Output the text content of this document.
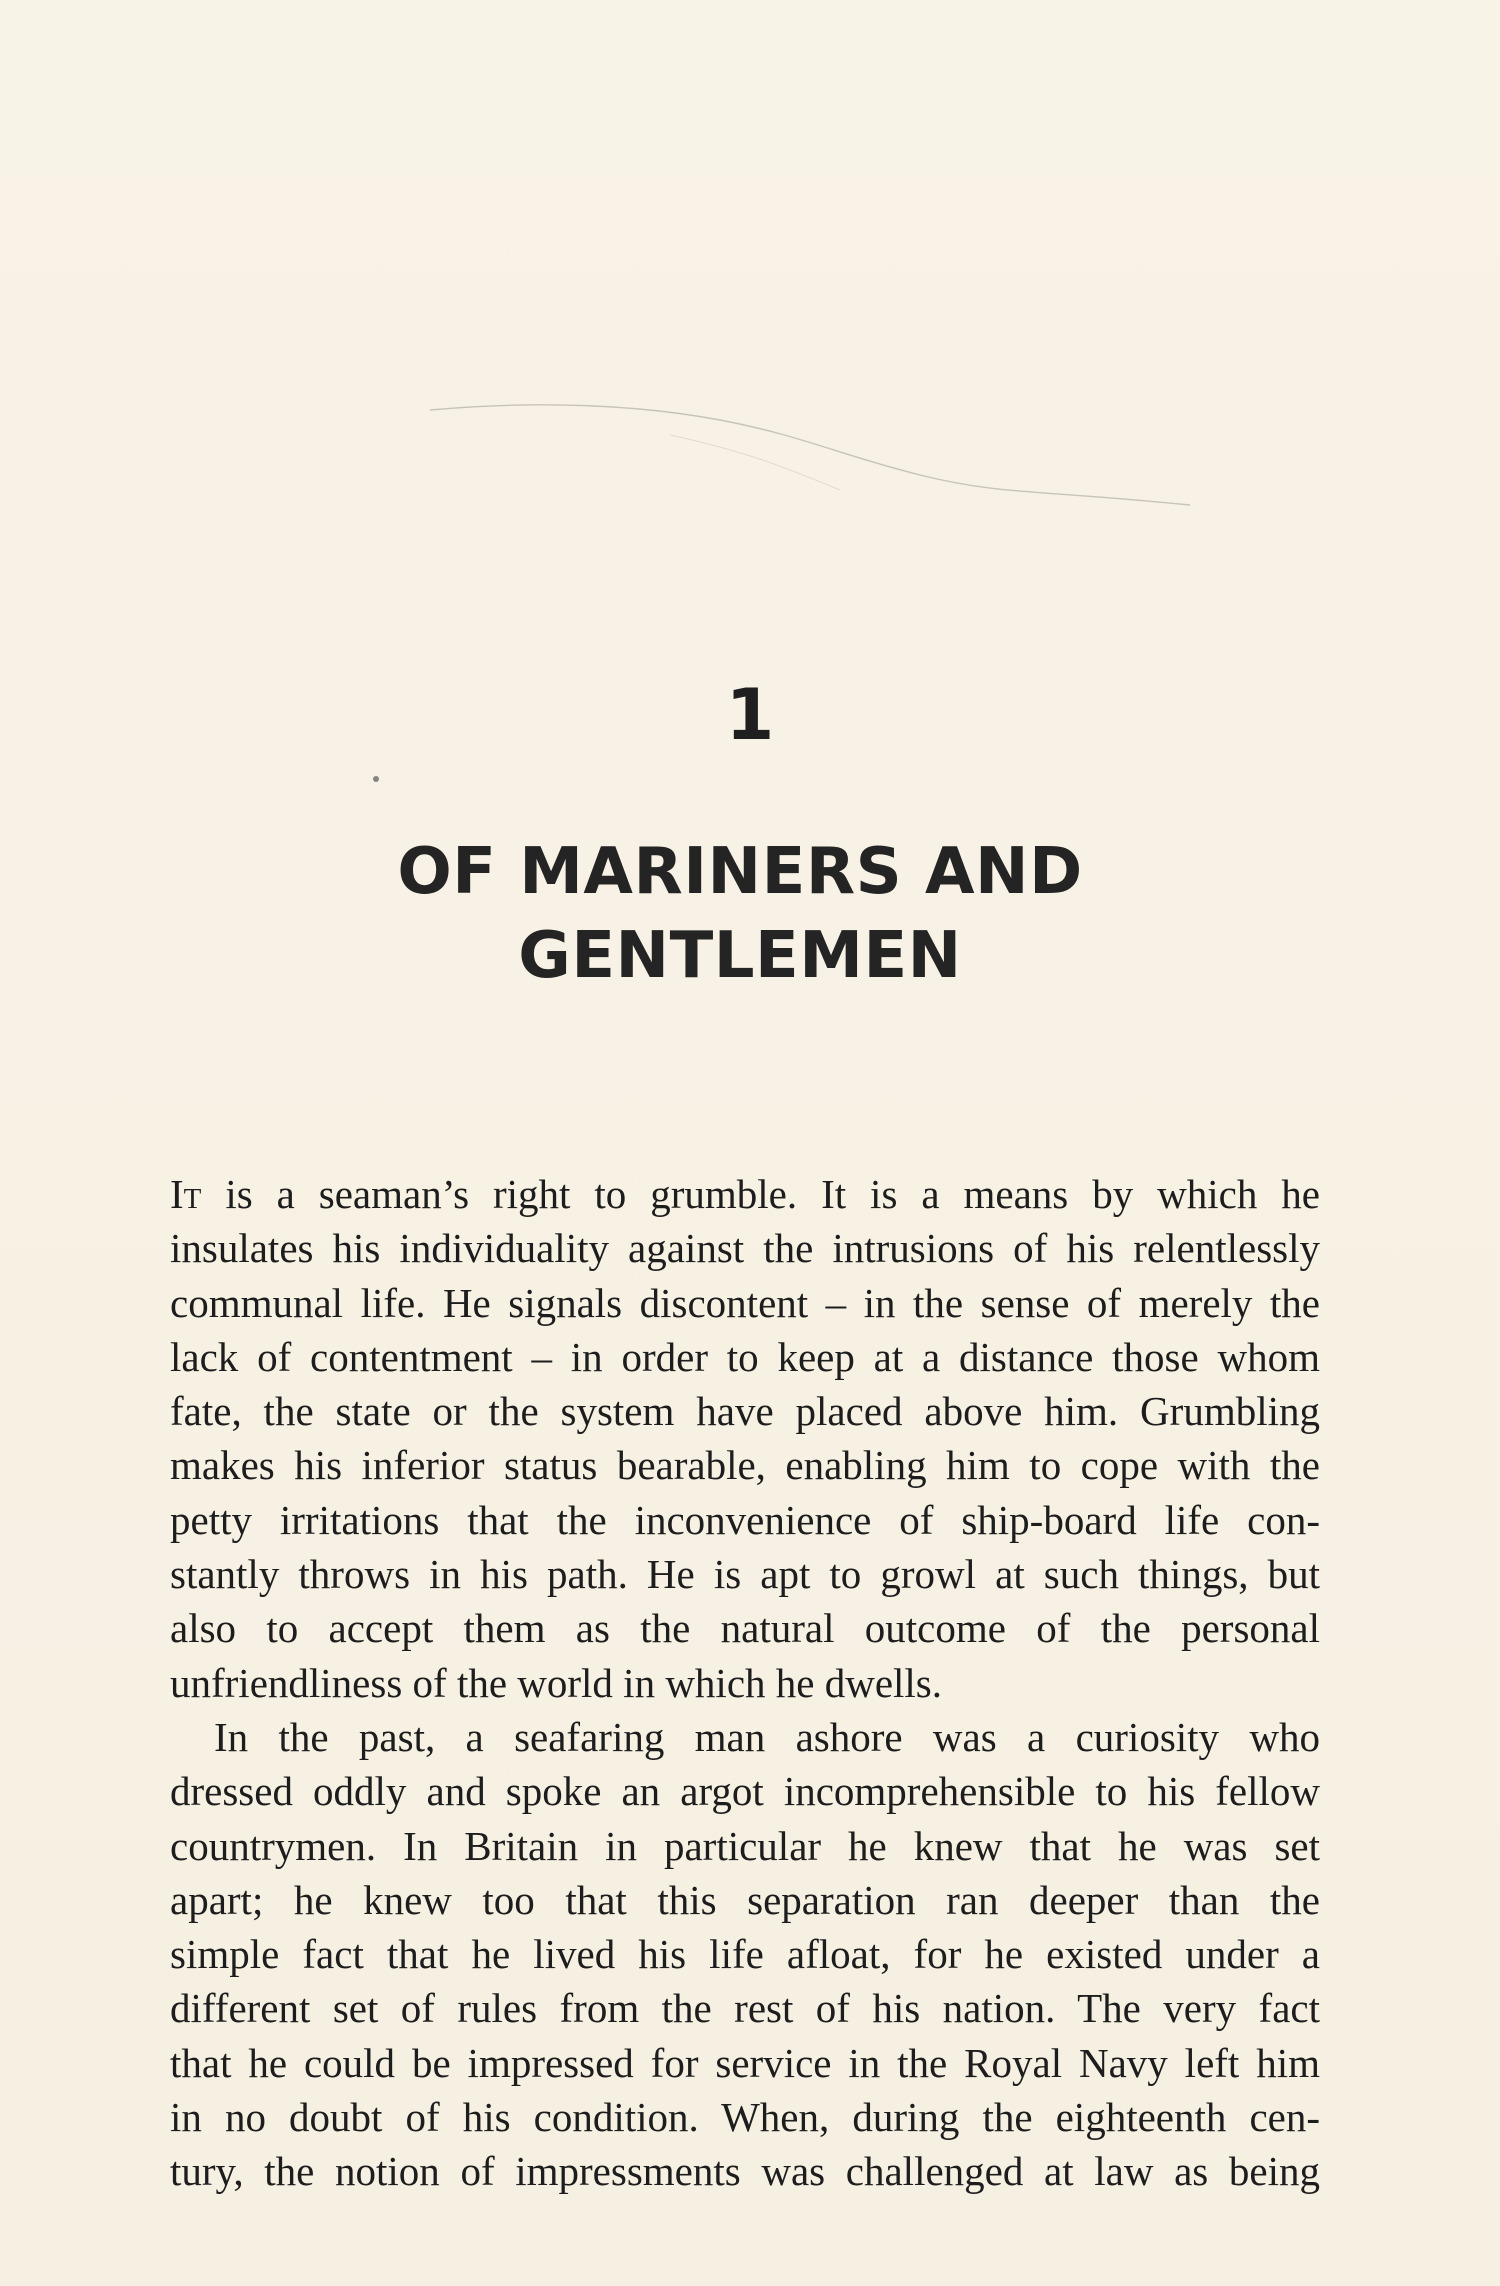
1
OF MARINERS AND
GENTLEMEN

It is a seaman’s right to grumble. It is a means by which he
insulates his individuality against the intrusions of his relentlessly
communal life. He signals discontent – in the sense of merely the
lack of contentment – in order to keep at a distance those whom
fate, the state or the system have placed above him. Grumbling
makes his inferior status bearable, enabling him to cope with the
petty irritations that the inconvenience of ship-board life con-
stantly throws in his path. He is apt to growl at such things, but
also to accept them as the natural outcome of the personal
unfriendliness of the world in which he dwells.

In the past, a seafaring man ashore was a curiosity who
dressed oddly and spoke an argot incomprehensible to his fellow
countrymen. In Britain in particular he knew that he was set
apart; he knew too that this separation ran deeper than the
simple fact that he lived his life afloat, for he existed under a
different set of rules from the rest of his nation. The very fact
that he could be impressed for service in the Royal Navy left him
in no doubt of his condition. When, during the eighteenth cen-
tury, the notion of impressments was challenged at law as being
